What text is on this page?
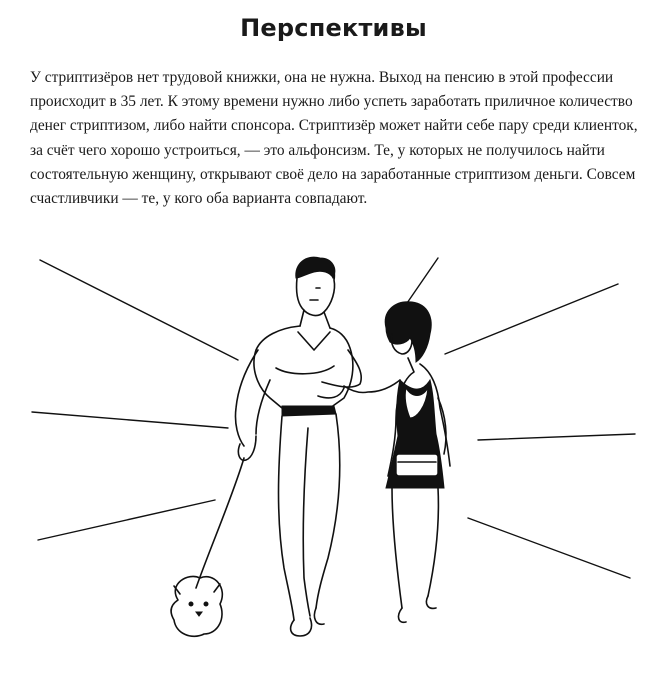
Перспективы

У стриптизёров нет трудовой книжки, она не нужна. Выход на пенсию в этой профессии происходит в 35 лет. К этому времени нужно либо успеть заработать приличное количество денег стриптизом, либо найти спонсора. Стриптизёр может найти себе пару среди клиенток, за счёт чего хорошо устроиться, — это альфонсизм. Те, у которых не получилось найти состоятельную женщину, открывают своё дело на заработанные стриптизом деньги. Совсем счастливчики — те, у кого оба варианта совпадают.
